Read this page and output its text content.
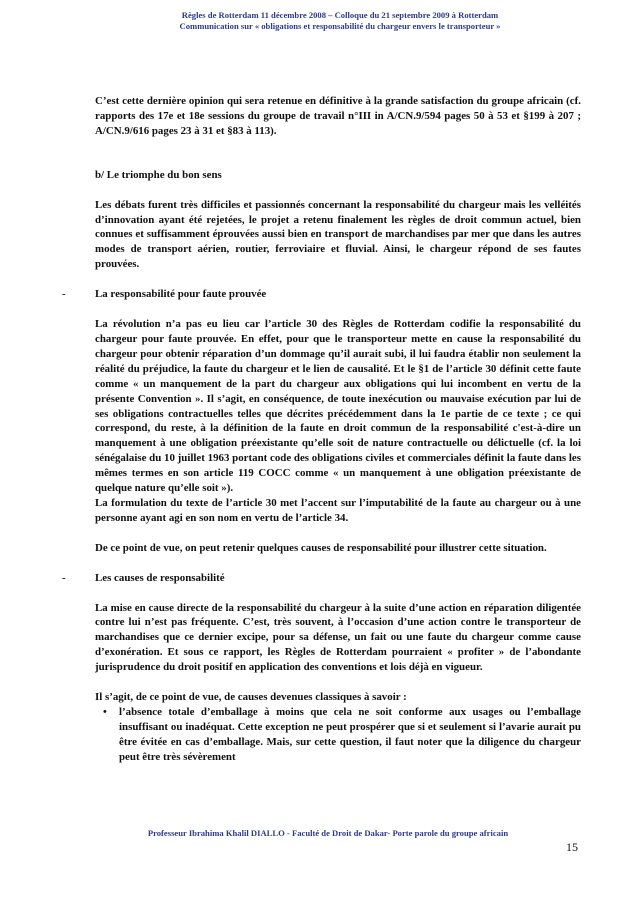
Règles de Rotterdam 11 décembre 2008 – Colloque du 21 septembre 2009 à Rotterdam
Communication sur « obligations et responsabilité du chargeur envers le transporteur »

C’est cette dernière opinion qui sera retenue en définitive à la grande satisfaction du groupe africain (cf. rapports des 17e et 18e sessions du groupe de travail n°III in A/CN.9/594 pages 50 à 53 et §199 à 207 ; A/CN.9/616 pages 23 à 31 et §83 à 113).

b/ Le triomphe du bon sens

Les débats furent très difficiles et passionnés concernant la responsabilité du chargeur mais les velléités d’innovation ayant été rejetées, le projet a retenu finalement les règles de droit commun actuel, bien connues et suffisamment éprouvées aussi bien en transport de marchandises par mer que dans les autres modes de transport aérien, routier, ferroviaire et fluvial. Ainsi, le chargeur répond de ses fautes prouvées.

-	La responsabilité pour faute prouvée

La révolution n’a pas eu lieu car l’article 30 des Règles de Rotterdam codifie la responsabilité du chargeur pour faute prouvée. En effet, pour que le transporteur mette en cause la responsabilité du chargeur pour obtenir réparation d’un dommage qu’il aurait subi, il lui faudra établir non seulement la réalité du préjudice, la faute du chargeur et le lien de causalité. Et le §1 de l’article 30 définit cette faute comme « un manquement de la part du chargeur aux obligations qui lui incombent en vertu de la présente Convention ». Il s’agit, en conséquence, de toute inexécution ou mauvaise exécution par lui de ses obligations contractuelles telles que décrites précédemment dans la 1e partie de ce texte ; ce qui correspond, du reste, à la définition de la faute en droit commun de la responsabilité c'est-à-dire un manquement à une obligation préexistante qu’elle soit de nature contractuelle ou délictuelle (cf. la loi sénégalaise du 10 juillet 1963 portant code des obligations civiles et commerciales définit la faute dans les mêmes termes en son article 119 COCC comme « un manquement à une obligation préexistante de quelque nature qu’elle soit »).

La formulation du texte de l’article 30 met l’accent sur l’imputabilité de la faute au chargeur ou à une personne ayant agi en son nom en vertu de l’article 34.

De ce point de vue, on peut retenir quelques causes de responsabilité pour illustrer cette situation.

-	Les causes de responsabilité

La mise en cause directe de la responsabilité du chargeur à la suite d’une action en réparation diligentée contre lui n’est pas fréquente. C’est, très souvent, à l’occasion d’une action contre le transporteur de marchandises que ce dernier excipe, pour sa défense, un fait ou une faute du chargeur comme cause d’exonération. Et sous ce rapport, les Règles de Rotterdam pourraient « profiter » de l’abondante jurisprudence du droit positif en application des conventions et lois déjà en vigueur.

Il s’agit, de ce point de vue, de causes devenues classiques à savoir :

• l’absence totale d’emballage à moins que cela ne soit conforme aux usages ou l’emballage insuffisant ou inadéquat. Cette exception ne peut prospérer que si et seulement si l’avarie aurait pu être évitée en cas d’emballage. Mais, sur cette question, il faut noter que la diligence du chargeur peut être très sévèrement

Professeur Ibrahima Khalil DIALLO - Faculté de Droit de Dakar- Porte parole du groupe africain
15
